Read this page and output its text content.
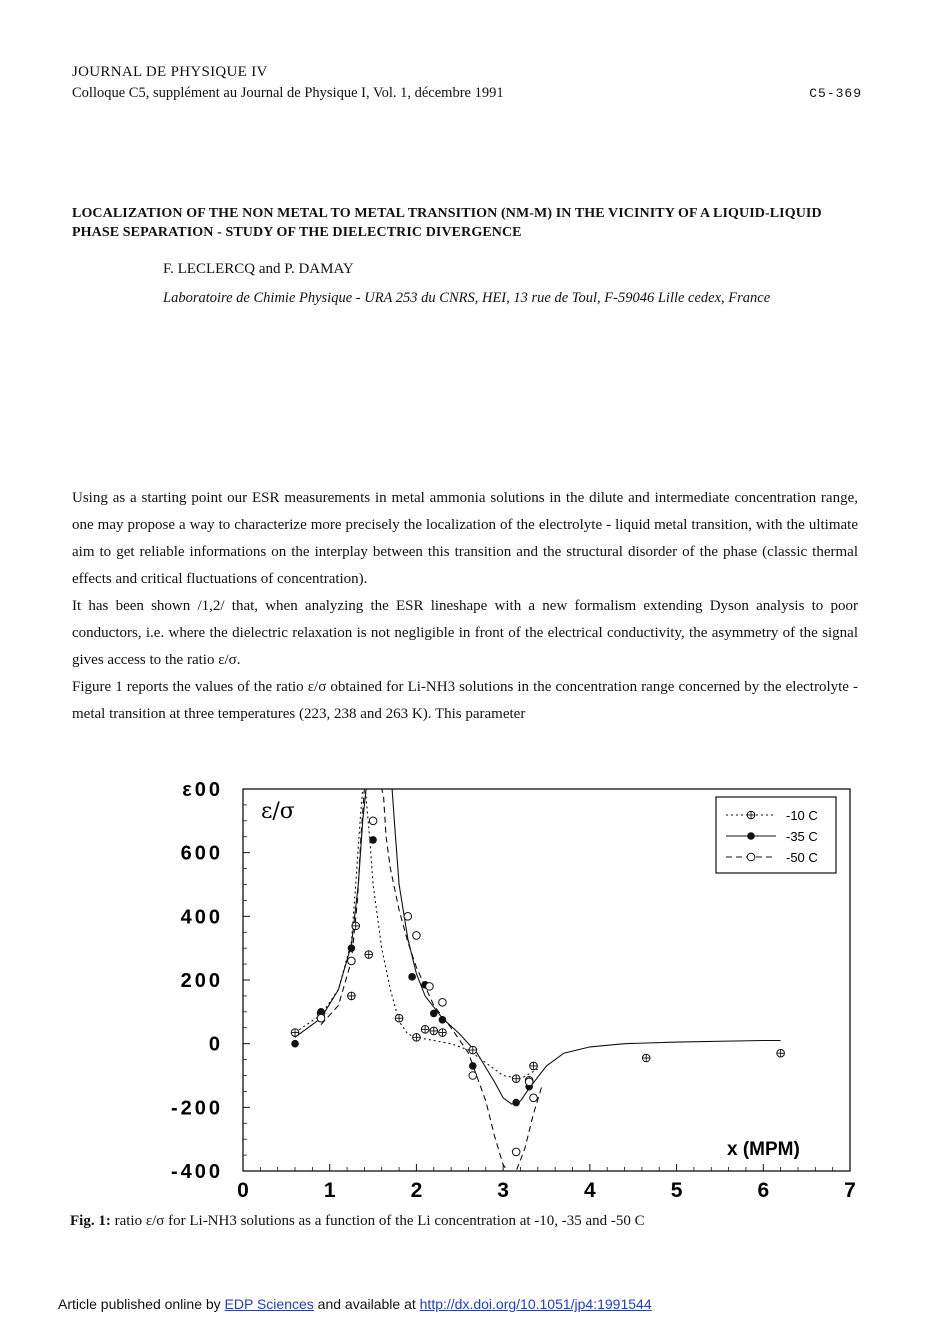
JOURNAL DE PHYSIQUE IV
Colloque C5, supplément au Journal de Physique I, Vol. 1, décembre 1991	C5-369
LOCALIZATION OF THE NON METAL TO METAL TRANSITION (NM-M) IN THE VICINITY OF A LIQUID-LIQUID PHASE SEPARATION - STUDY OF THE DIELECTRIC DIVERGENCE
F. LECLERCQ and P. DAMAY
Laboratoire de Chimie Physique - URA 253 du CNRS, HEI, 13 rue de Toul, F-59046 Lille cedex, France

Using as a starting point our ESR measurements in metal ammonia solutions in the dilute and intermediate concentration range, one may propose a way to characterize more precisely the localization of the electrolyte - liquid metal transition, with the ultimate aim to get reliable informations on the interplay between this transition and the structural disorder of the phase (classic thermal effects and critical fluctuations of concentration).

It has been shown /1,2/ that, when analyzing the ESR lineshape with a new formalism extending Dyson analysis to poor conductors, i.e. where the dielectric relaxation is not negligible in front of the electrical conductivity, the asymmetry of the signal gives access to the ratio ε/σ.

Figure 1 reports the values of the ratio ε/σ obtained for Li-NH3 solutions in the concentration range concerned by the electrolyte - metal transition at three temperatures (223, 238 and 263 K). This parameter

0	1	2	3	4	5	6	7
-400
-200
0
200
400
600
ε00
ε/σ	-10 C
-35 C
-50 C
x (MPM)
Fig. 1: ratio ε/σ for Li-NH3 solutions as a function of the Li concentration at -10, -35 and -50 C
Article published online by EDP Sciences and available at http://dx.doi.org/10.1051/jp4:1991544
